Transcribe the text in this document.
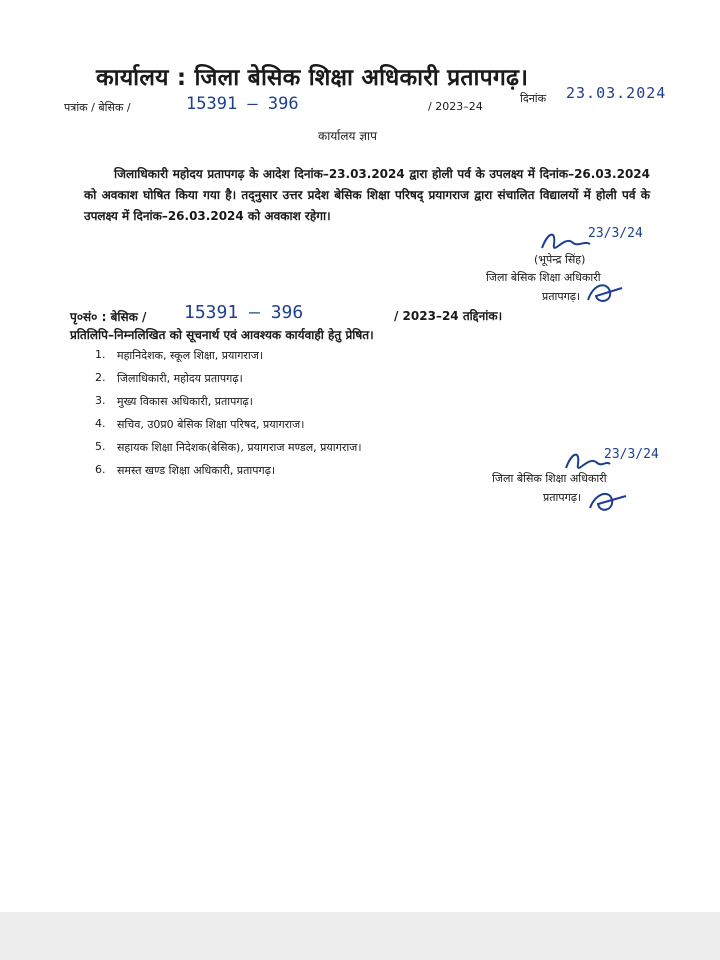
कार्यालय : जिला बेसिक शिक्षा अधिकारी प्रतापगढ़।
पत्रांक / बेसिक /	15391 – 396	/ 2023–24
दिनांक 23.03.2024
कार्यालय ज्ञाप

जिलाधिकारी महोदय प्रतापगढ़ के आदेश दिनांक–23.03.2024 द्वारा होली पर्व के उपलक्ष्य में दिनांक–26.03.2024 को अवकाश घोषित किया गया है। तद्नुसार उत्तर प्रदेश बेसिक शिक्षा परिषद् प्रयागराज द्वारा संचालित विद्यालयों में होली पर्व के उपलक्ष्य में दिनांक–26.03.2024 को अवकाश रहेगा।

23/3/24
(भूपेन्द्र सिंह)
जिला बेसिक शिक्षा अधिकारी
प्रतापगढ़।
पृ०सं० : बेसिक / 15391 – 396	/ 2023–24 तद्दिनांक।
प्रतिलिपि–निम्नलिखित को सूचनार्थ एवं आवश्यक कार्यवाही हेतु प्रेषित।
1.	महानिदेशक, स्कूल शिक्षा, प्रयागराज।
2.	जिलाधिकारी, महोदय प्रतापगढ़।
3.	मुख्य विकास अधिकारी, प्रतापगढ़।
4.	सचिव, उ0प्र0 बेसिक शिक्षा परिषद, प्रयागराज।
5.	सहायक शिक्षा निदेशक(बेसिक), प्रयागराज मण्डल, प्रयागराज।
6.	समस्त खण्ड शिक्षा अधिकारी, प्रतापगढ़।
23/3/24
जिला बेसिक शिक्षा अधिकारी
प्रतापगढ़।
